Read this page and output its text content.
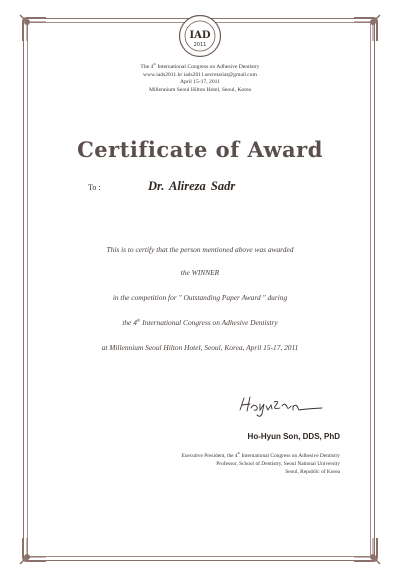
IAD
2011
The 4th International Congress on Adhesive Dentistry
www.iads2011.kr iads2011.secretariat@gmail.com
April 15-17, 2011
Millennium Seoul Hilton Hotel, Seoul, Korea
Certificate of Award
To :	Dr. Alireza Sadr
This is to certify that the person mentioned above was awarded
the WINNER
in the competition for " Outstanding Paper Award " during
the 4th International Congress on Adhesive Dentistry
at Millennium Seoul Hilton Hotel, Seoul, Korea, April 15-17, 2011
Ho-Hyun Son, DDS, PhD
Executive President, the 4th International Congress on Adhesive Dentistry
Professor, School of Dentistry, Seoul National University
Seoul, Republic of Korea
